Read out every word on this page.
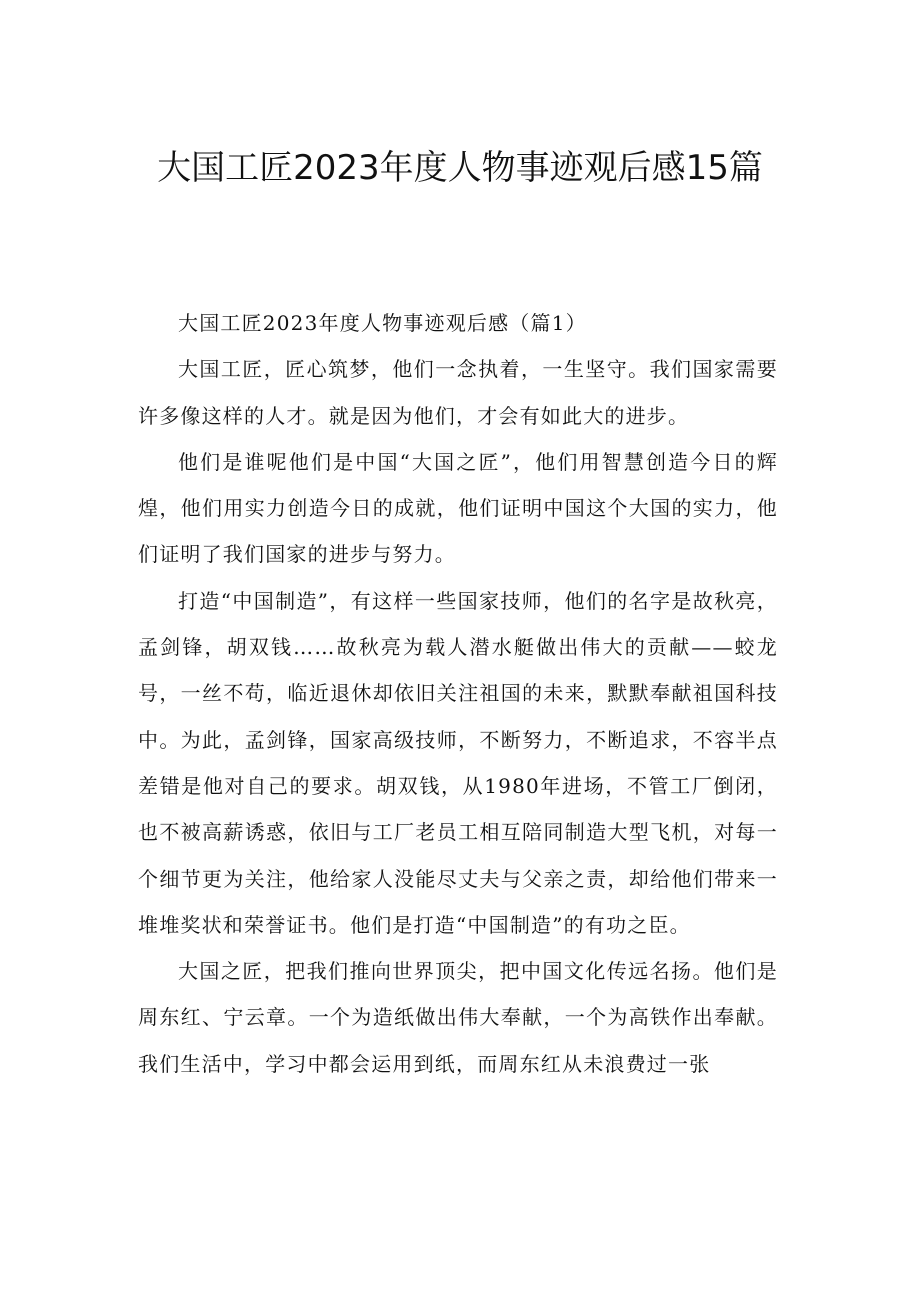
大国工匠2023年度人物事迹观后感15篇

大国工匠2023年度人物事迹观后感（篇1）

大国工匠，匠心筑梦，他们一念执着，一生坚守。我们国家需要许多像这样的人才。就是因为他们，才会有如此大的进步。

他们是谁呢他们是中国“大国之匠”，他们用智慧创造今日的辉煌，他们用实力创造今日的成就，他们证明中国这个大国的实力，他们证明了我们国家的进步与努力。

打造“中国制造”，有这样一些国家技师，他们的名字是故秋亮，孟剑锋，胡双钱……故秋亮为载人潜水艇做出伟大的贡献——蛟龙号，一丝不苟，临近退休却依旧关注祖国的未来，默默奉献祖国科技中。为此，孟剑锋，国家高级技师，不断努力，不断追求，不容半点差错是他对自己的要求。胡双钱，从1980年进场，不管工厂倒闭，也不被高薪诱惑，依旧与工厂老员工相互陪同制造大型飞机，对每一个细节更为关注，他给家人没能尽丈夫与父亲之责，却给他们带来一堆堆奖状和荣誉证书。他们是打造“中国制造”的有功之臣。

大国之匠，把我们推向世界顶尖，把中国文化传远名扬。他们是周东红、宁云章。一个为造纸做出伟大奉献，一个为高铁作出奉献。我们生活中，学习中都会运用到纸，而周东红从未浪费过一张
